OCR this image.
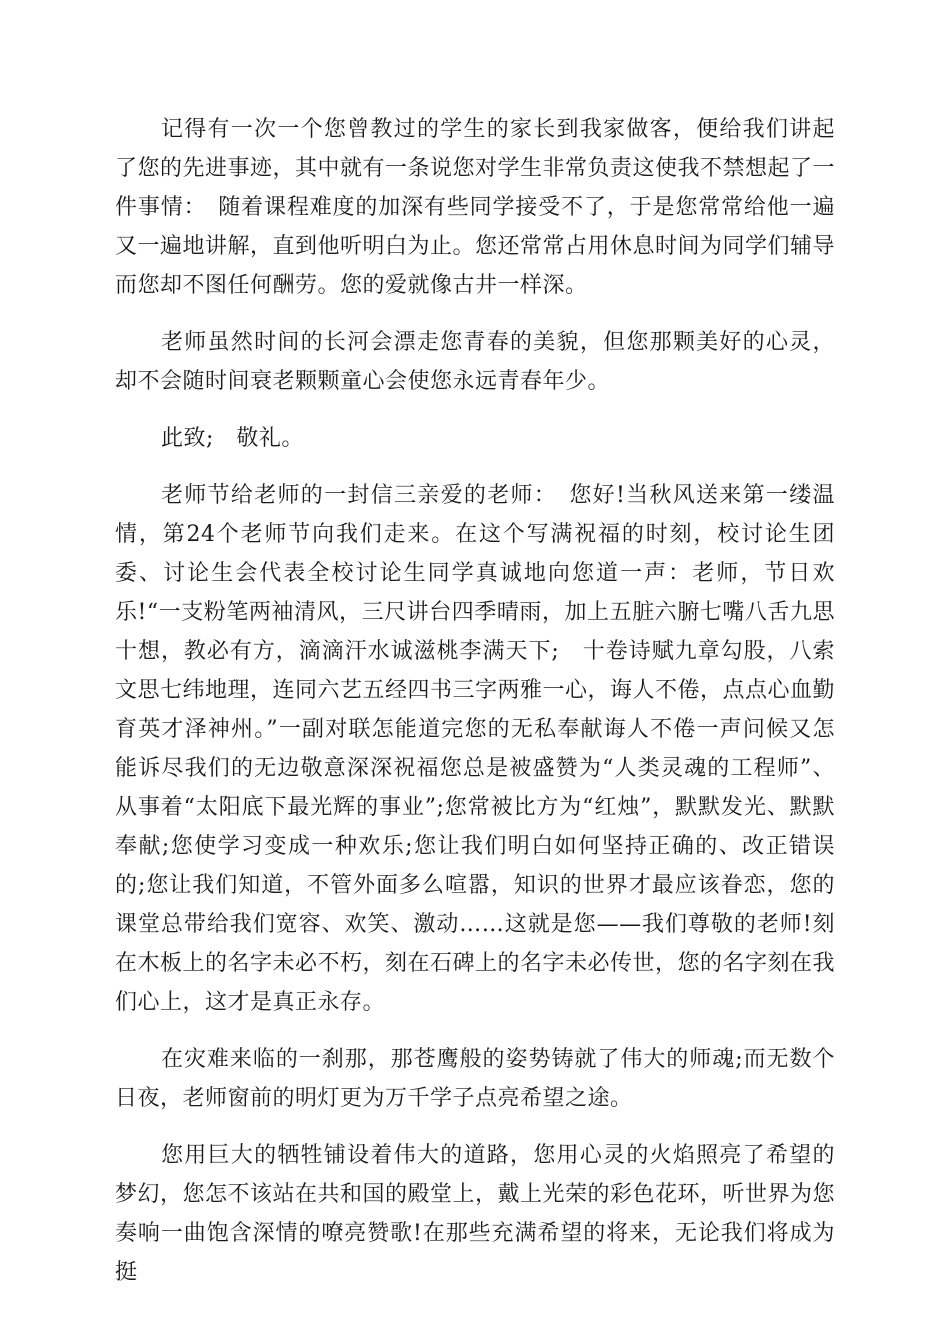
记得有一次一个您曾教过的学生的家长到我家做客，便给我们讲起了您的先进事迹，其中就有一条说您对学生非常负责这使我不禁想起了一件事情：　随着课程难度的加深有些同学接受不了，于是您常常给他一遍又一遍地讲解，直到他听明白为止。您还常常占用休息时间为同学们辅导而您却不图任何酬劳。您的爱就像古井一样深。

老师虽然时间的长河会漂走您青春的美貌，但您那颗美好的心灵，却不会随时间衰老颗颗童心会使您永远青春年少。

此致;　敬礼。

老师节给老师的一封信三亲爱的老师：　您好!当秋风送来第一缕温情，第24个老师节向我们走来。在这个写满祝福的时刻，校讨论生团委、讨论生会代表全校讨论生同学真诚地向您道一声：老师，节日欢乐!“一支粉笔两袖清风，三尺讲台四季晴雨，加上五脏六腑七嘴八舌九思十想，教必有方，滴滴汗水诚滋桃李满天下;　十卷诗赋九章勾股，八索文思七纬地理，连同六艺五经四书三字两雅一心，诲人不倦，点点心血勤育英才泽神州。”一副对联怎能道完您的无私奉献诲人不倦一声问候又怎能诉尽我们的无边敬意深深祝福您总是被盛赞为“人类灵魂的工程师”、从事着“太阳底下最光辉的事业”;您常被比方为“红烛”，默默发光、默默奉献;您使学习变成一种欢乐;您让我们明白如何坚持正确的、改正错误的;您让我们知道，不管外面多么喧嚣，知识的世界才最应该眷恋，您的课堂总带给我们宽容、欢笑、激动……这就是您——我们尊敬的老师!刻在木板上的名字未必不朽，刻在石碑上的名字未必传世，您的名字刻在我们心上，这才是真正永存。

在灾难来临的一刹那，那苍鹰般的姿势铸就了伟大的师魂;而无数个日夜，老师窗前的明灯更为万千学子点亮希望之途。

您用巨大的牺牲铺设着伟大的道路，您用心灵的火焰照亮了希望的梦幻，您怎不该站在共和国的殿堂上，戴上光荣的彩色花环，听世界为您奏响一曲饱含深情的嘹亮赞歌!在那些充满希望的将来，无论我们将成为挺
